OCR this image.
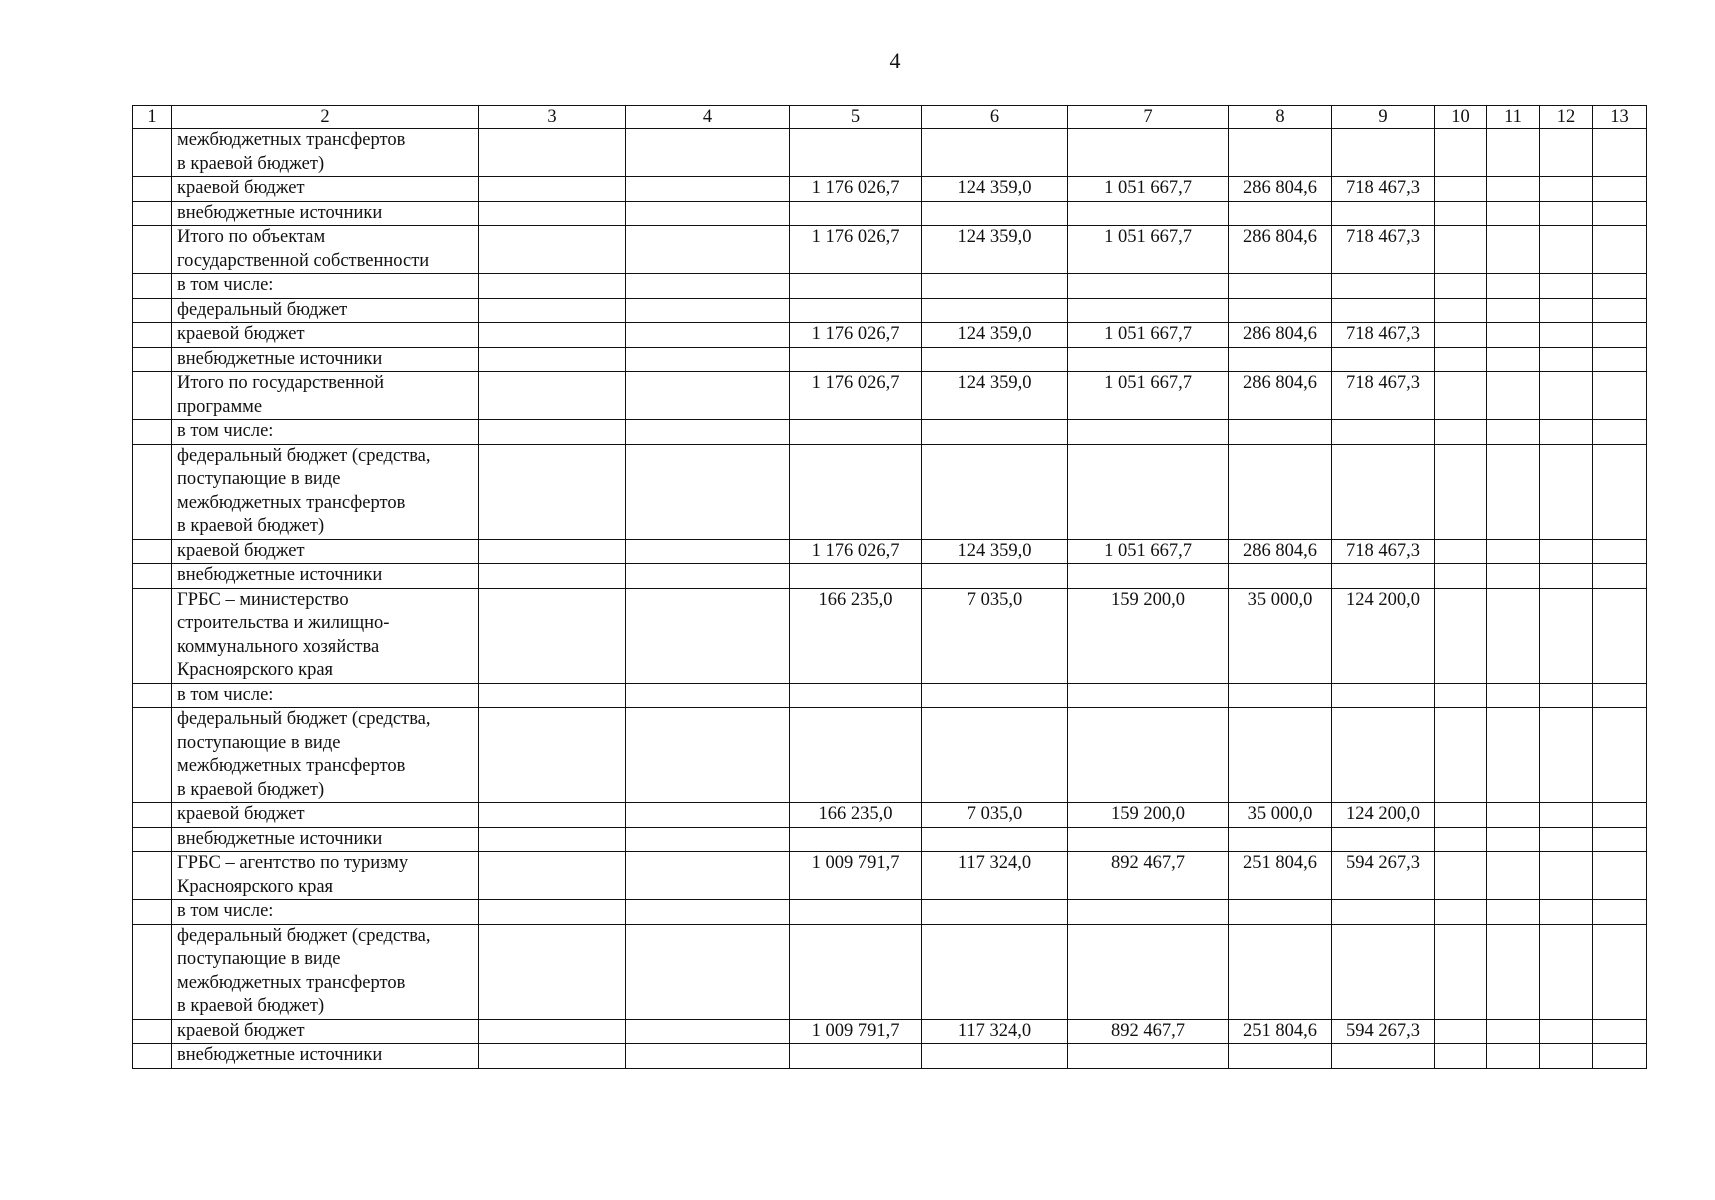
4
1	2	3	4	5	6	7	8	9	10	11	12	13
	межбюджетных трансфертов
в краевой бюджет)											
	краевой бюджет			1 176 026,7	124 359,0	1 051 667,7	286 804,6	718 467,3				
	внебюджетные источники											
	Итого по объектам
государственной собственности			1 176 026,7	124 359,0	1 051 667,7	286 804,6	718 467,3				
	в том числе:											
	федеральный бюджет											
	краевой бюджет			1 176 026,7	124 359,0	1 051 667,7	286 804,6	718 467,3				
	внебюджетные источники											
	Итого по государственной
программе			1 176 026,7	124 359,0	1 051 667,7	286 804,6	718 467,3				
	в том числе:											
	федеральный бюджет (средства,
поступающие в виде
межбюджетных трансфертов
в краевой бюджет)											
	краевой бюджет			1 176 026,7	124 359,0	1 051 667,7	286 804,6	718 467,3				
	внебюджетные источники											
	ГРБС – министерство
строительства и жилищно-
коммунального хозяйства
Красноярского края			166 235,0	7 035,0	159 200,0	35 000,0	124 200,0				
	в том числе:											
	федеральный бюджет (средства,
поступающие в виде
межбюджетных трансфертов
в краевой бюджет)											
	краевой бюджет			166 235,0	7 035,0	159 200,0	35 000,0	124 200,0				
	внебюджетные источники											
	ГРБС – агентство по туризму
Красноярского края			1 009 791,7	117 324,0	892 467,7	251 804,6	594 267,3				
	в том числе:											
	федеральный бюджет (средства,
поступающие в виде
межбюджетных трансфертов
в краевой бюджет)											
	краевой бюджет			1 009 791,7	117 324,0	892 467,7	251 804,6	594 267,3				
	внебюджетные источники											
